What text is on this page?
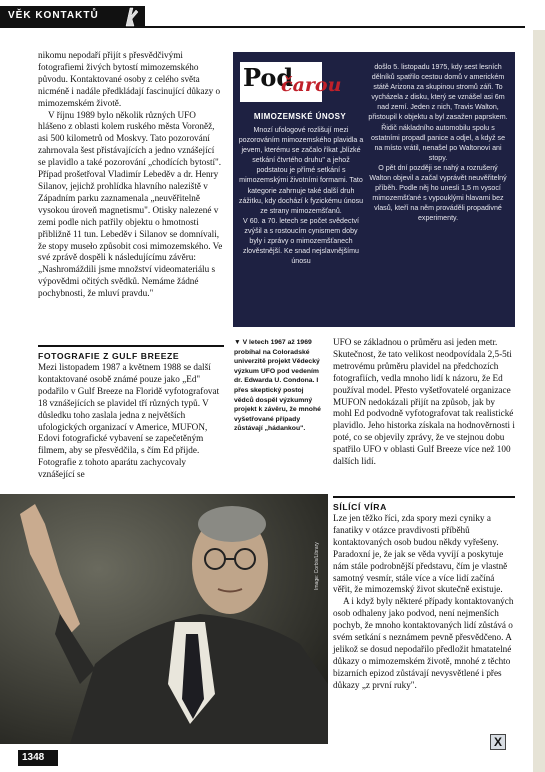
VĚK KONTAKTŮ

nikomu nepodaří přijít s přesvědčivými fotografiemi živých bytostí mimozemského původu. Kontaktované osoby z celého světa nicméně i nadále předkládají fascinující důkazy o mimozemském životě.

V říjnu 1989 bylo několik různých UFO hlášeno z oblasti kolem ruského města Voroněž, asi 500 kilometrů od Moskvy. Tato pozorování zahrnovala šest přistávajících a jedno vznášející se plavidlo a také pozorování „chodících bytostí". Případ prošetřoval Vladimír Lebeděv a dr. Henry Silanov, jejichž prohlídka hlavního naleziště v Západním parku zaznamenala „neuvěřitelně vysokou úroveň magnetismu". Otisky nalezené v zemi podle nich patřily objektu o hmotnosti přibližně 11 tun. Lebeděv i Silanov se domnívali, že stopy museło způsobit cosi mimozemského. Ve své zprávě dospěli k následujícímu závěru: „Nashromáždili jsme množství videomateriálu s výpovědmi očitých svědků. Nemáme žádné pochybnosti, že mluví pravdu."

FOTOGRAFIE Z GULF BREEZE

Mezi listopadem 1987 a květnem 1988 se další kontaktované osobě známé pouze jako „Ed" podařilo v Gulf Breeze na Floridě vyfotografovat 18 vznášejících se plavidel tří různých typů. V důsledku toho zaslala jedna z největších ufologických organizací v Americe, MUFON, Edovi fotografické vybavení se zapečetěným filmem, aby se přesvědčila, s čím Ed přijde. Fotografie z tohoto aparátu zachycovaly vznášející se

Pod
čarou
MIMOZEMSKÉ ÚNOSY

Mnozí ufologové rozlišují mezi pozorováním mimozemského plavidla a jevem, kterému se začalo říkat „blízké setkání čtvrtého druhu" a jehož podstatou je přímé setkání s mimozemskými životními formami. Tato kategorie zahrnuje také další druh zážitku, kdy dochází k fyzickému únosu ze strany mimozemšťanů.

V 60. a 70. letech se počet svědectví zvýšil a s rostoucím cynismem doby byly i zprávy o mimozemšťanech zlověstnější. Ke snad nejslavnějšímu únosu

došlo 5. listopadu 1975, kdy sest lesních dělníků spatřilo cestou domů v americkém státě Arizona za skupinou stromů záři. To vycházela z disku, který se vznášel asi 6m nad zemí. Jeden z nich, Travis Walton, přistoupil k objektu a byl zasažen paprskem. Řidič nákladního automobilu spolu s ostatními propadl panice a odjel, a když se na místo vrátil, nenašel po Waltonovi ani stopy.

O pět dní později se nahý a rozrušený Walton objevil a začal vyprávět neuvěřitelný příběh. Podle něj ho unesli 1,5 m vysocí mimozemšťané s vypouklými hlavami bez vlasů, kteří na něm prováděli propadivné experimenty.

▼ V letech 1967 až 1969 probíhal na Coloradské univerzitě projekt Vědecký výzkum UFO pod vedením dr. Edwarda U. Condona. I přes skeptický postoj vědců dospěl výzkumný projekt k závěru, že mnohé vyšetřované případy zůstávají „hádankou".

UFO se základnou o průměru asi jeden metr. Skutečnost, že tato velikost neodpovídala 2,5-5ti metrovému průměru plavidel na předchozích fotografiích, vedla mnoho lidí k názoru, že Ed používal model. Přesto vyšetřovatelé organizace MUFON nedokázali přijít na způsob, jak by mohl Ed podvodně vyfotografovat tak realistické plavidlo. Jeho historka získala na hodnověrnosti i poté, co se objevily zprávy, že ve stejnou dobu spatřilo UFO v oblasti Gulf Breeze více než 100 dalších lidí.

SÍLÍCÍ VÍRA

Lze jen těžko říci, zda spory mezi cyniky a fanatiky v otázce pravdivosti příběhů kontaktovaných osob budou někdy vyřešeny. Paradoxní je, že jak se věda vyvíjí a poskytuje nám stále podrobnější představu, čím je vlastně samotný vesmír, stále více a více lidí začíná věřit, že mimozemský život skutečně existuje.

A i když byly některé případy kontaktovaných osob odhaleny jako podvod, není nejmenších pochyb, že mnoho kontaktovaných lidí zůstává o svém setkání s neznámem pevně přesvědčeno. A jelikož se dosud nepodařilo předložit hmatatelné důkazy o mimozemském životě, mnohé z těchto bizarních epizod zůstávají nevysvětlené i přes důkazy „z první ruky".

X
Image: Corbis/Library
1348
